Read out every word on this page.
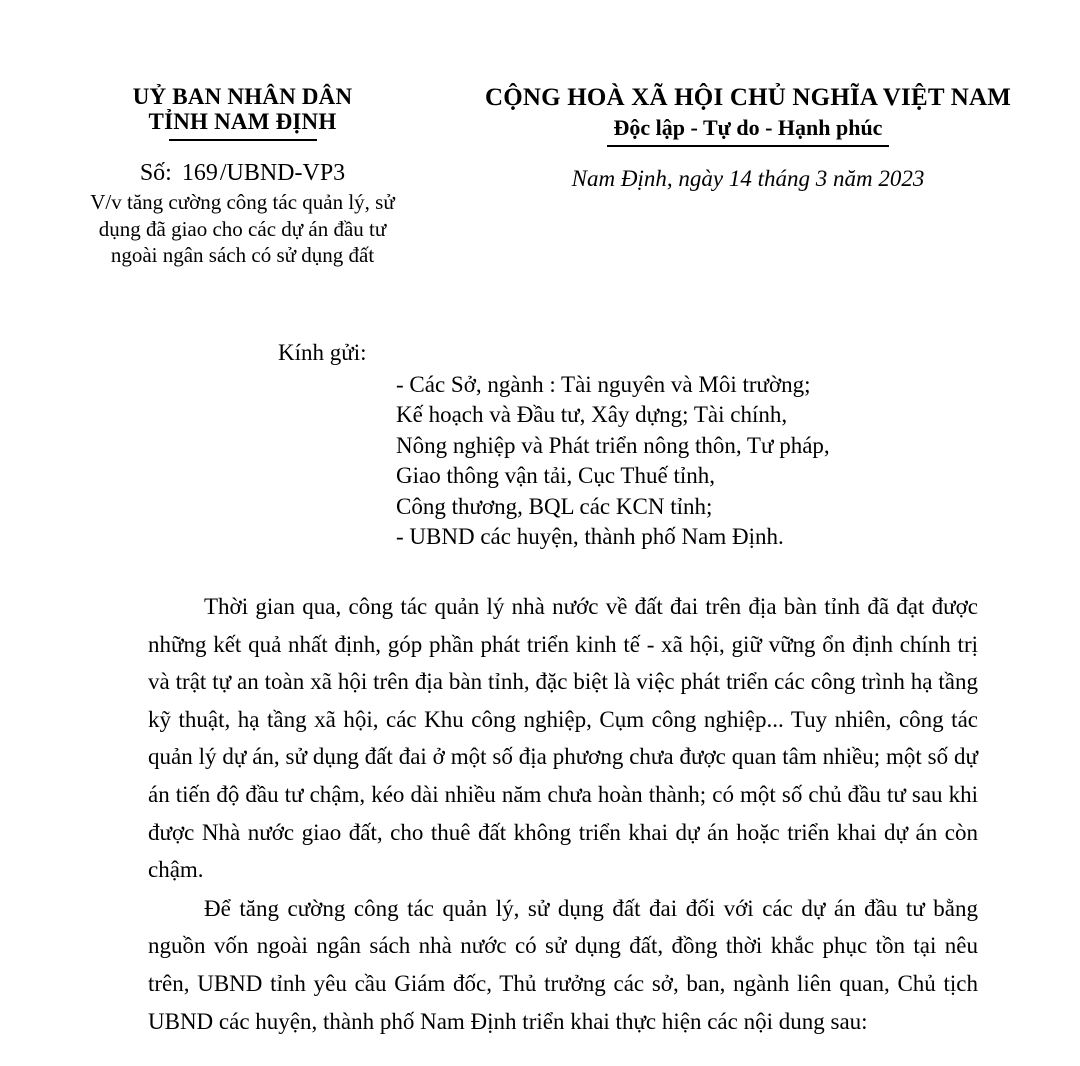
UỶ BAN NHÂN DÂN
TỈNH NAM ĐỊNH
Số: 169/UBND-VP3
V/v tăng cường công tác quản lý, sử
dụng đã giao cho các dự án đầu tư
ngoài ngân sách có sử dụng đất
CỘNG HOÀ XÃ HỘI CHỦ NGHĨA VIỆT NAM
Độc lập - Tự do - Hạnh phúc
Nam Định, ngày 14 tháng 3 năm 2023
Kính gửi:
- Các Sở, ngành : Tài nguyên và Môi trường;
Kế hoạch và Đầu tư, Xây dựng; Tài chính,
Nông nghiệp và Phát triển nông thôn, Tư pháp,
Giao thông vận tải, Cục Thuế tỉnh,
Công thương, BQL các KCN tỉnh;
- UBND các huyện, thành phố Nam Định.

Thời gian qua, công tác quản lý nhà nước về đất đai trên địa bàn tỉnh đã đạt được những kết quả nhất định, góp phần phát triển kinh tế - xã hội, giữ vững ổn định chính trị và trật tự an toàn xã hội trên địa bàn tỉnh, đặc biệt là việc phát triển các công trình hạ tầng kỹ thuật, hạ tầng xã hội, các Khu công nghiệp, Cụm công nghiệp... Tuy nhiên, công tác quản lý dự án, sử dụng đất đai ở một số địa phương chưa được quan tâm nhiều; một số dự án tiến độ đầu tư chậm, kéo dài nhiều năm chưa hoàn thành; có một số chủ đầu tư sau khi được Nhà nước giao đất, cho thuê đất không triển khai dự án hoặc triển khai dự án còn chậm.

Để tăng cường công tác quản lý, sử dụng đất đai đối với các dự án đầu tư bằng nguồn vốn ngoài ngân sách nhà nước có sử dụng đất, đồng thời khắc phục tồn tại nêu trên, UBND tỉnh yêu cầu Giám đốc, Thủ trưởng các sở, ban, ngành liên quan, Chủ tịch UBND các huyện, thành phố Nam Định triển khai thực hiện các nội dung sau:
